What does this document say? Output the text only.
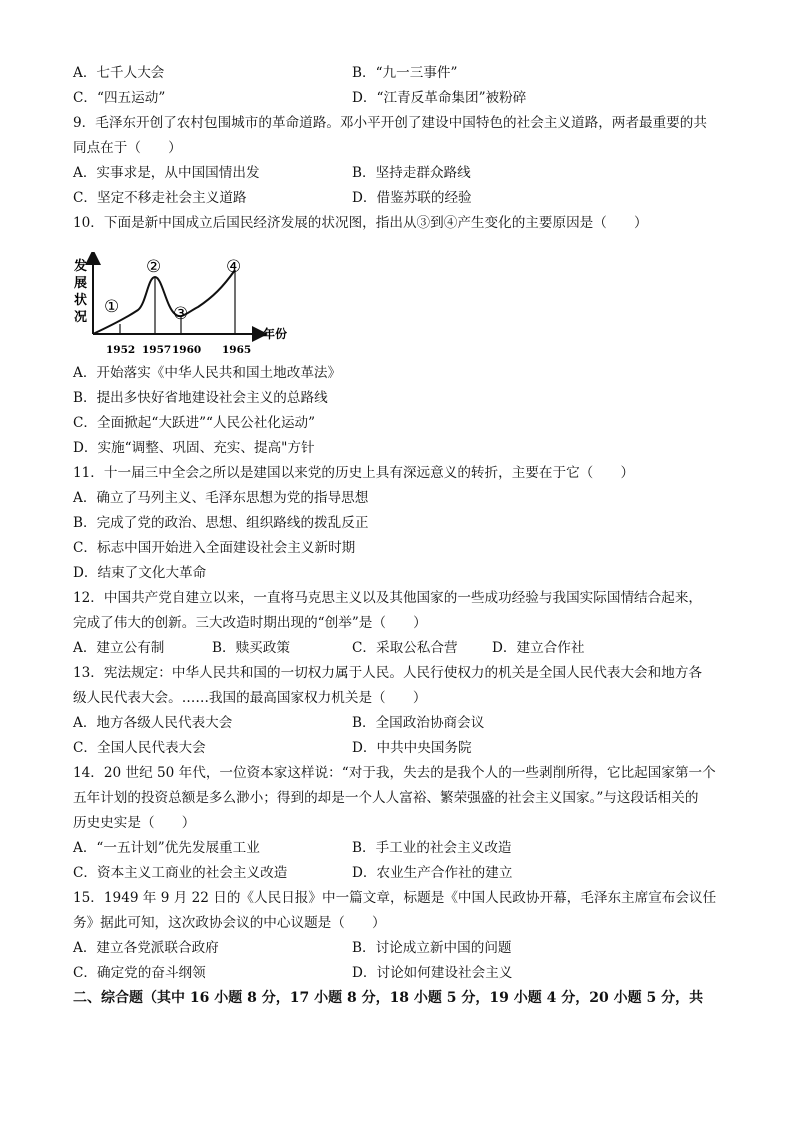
A．七千人大会	B．“九一三事件”
C．“四五运动”	D．“江青反革命集团”被粉碎
9．毛泽东开创了农村包围城市的革命道路。邓小平开创了建设中国特色的社会主义道路，两者最重要的共
同点在于（　　）
A．实事求是，从中国国情出发	B．坚持走群众路线
C．坚定不移走社会主义道路	D．借鉴苏联的经验
10．下面是新中国成立后国民经济发展的状况图，指出从③到④产生变化的主要原因是（　　）
发
展
状
况
年份
①
②
③
④
1952 1957 1960 1965
A．开始落实《中华人民共和国土地改革法》
B．提出多快好省地建设社会主义的总路线
C．全面掀起“大跃进”“人民公社化运动”
D．实施“调整、巩固、充实、提高"方针
11．十一届三中全会之所以是建国以来党的历史上具有深远意义的转折，主要在于它（　　）
A．确立了马列主义、毛泽东思想为党的指导思想
B．完成了党的政治、思想、组织路线的拨乱反正
C．标志中国开始进入全面建设社会主义新时期
D．结束了文化大革命
12．中国共产党自建立以来，一直将马克思主义以及其他国家的一些成功经验与我国实际国情结合起来，
完成了伟大的创新。三大改造时期出现的“创举”是（　　）
A．建立公有制	B．赎买政策	C．采取公私合营	D．建立合作社
13．宪法规定：中华人民共和国的一切权力属于人民。人民行使权力的机关是全国人民代表大会和地方各
级人民代表大会。……我国的最高国家权力机关是（　　）
A．地方各级人民代表大会	B．全国政治协商会议
C．全国人民代表大会	D．中共中央国务院
14．20 世纪 50 年代，一位资本家这样说：“对于我，失去的是我个人的一些剥削所得，它比起国家第一个
五年计划的投资总额是多么渺小；得到的却是一个人人富裕、繁荣强盛的社会主义国家。”与这段话相关的
历史史实是（　　）
A．“一五计划”优先发展重工业	B．手工业的社会主义改造
C．资本主义工商业的社会主义改造	D．农业生产合作社的建立
15．1949 年 9 月 22 日的《人民日报》中一篇文章，标题是《中国人民政协开幕，毛泽东主席宣布会议任
务》据此可知，这次政协会议的中心议题是（　　）
A．建立各党派联合政府	B．讨论成立新中国的问题
C．确定党的奋斗纲领	D．讨论如何建设社会主义
二、综合题（其中 16 小题 8 分，17 小题 8 分，18 小题 5 分，19 小题 4 分，20 小题 5 分，共
